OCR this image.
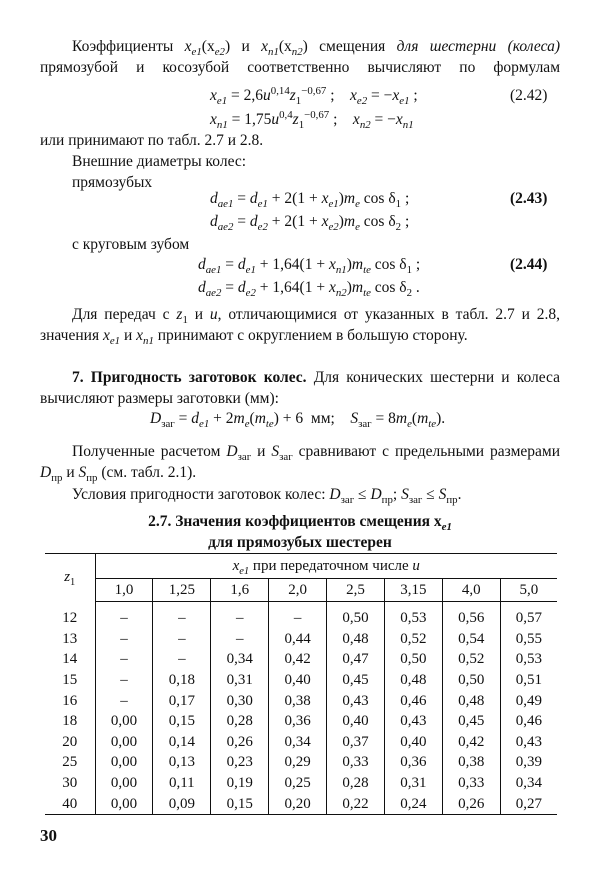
Коэффициенты $x_{e1}(x_{e2})$ и $x_{n1}(x_{n2})$ смещения для шестерни (колеса) прямозубой и косозубой соответственно вычисляют по формулам
$x_{e1} = 2,6u^{0,14}z_1^{-0,67}$ ;    $x_{e2} = -x_{e1}$ ;
$x_{n1} = 1,75u^{0,4}z_1^{-0,67}$ ;    $x_{n2} = -x_{n1}$
(2.42)
или принимают по табл. 2.7 и 2.8.
Внешние диаметры колес:
прямозубых
$d_{ae1} = d_{e1} + 2(1 + x_{e1})m_e$ $\cos \delta_1$ ;
$d_{ae2} = d_{e2} + 2(1 + x_{e2})m_e$ $\cos \delta_2$ ;
(2.43)
с круговым зубом
$d_{ae1} = d_{e1} + 1,64(1 + x_{n1})m_{te}$ $\cos \delta_1$ ;
$d_{ae2} = d_{e2} + 1,64(1 + x_{n2})m_{te}$ $\cos \delta_2$ .
(2.44)
Для передач с $z_1$ и u, отличающимися от указанных в табл. 2.7 и 2.8, значения $x_{e1}$ и $x_{n1}$ принимают с округлением в большую сторону.
7. Пригодность заготовок колес. Для конических шестерни и колеса вычисляют размеры заготовки (мм):
$D_{заг} = d_{e1} + 2m_e(m_{te}) + 6$  мм;    $S_{заг} = 8m_e(m_{te})$.
Полученные расчетом $D_{заг}$ и $S_{заг}$ сравнивают с предельными размерами $D_{пр}$ и $S_{пр}$ (см. табл. 2.1).
Условия пригодности заготовок колес: $D_{заг} \le D_{пр}$; $S_{заг} \le S_{пр}$.
2.7. Значения коэффициентов смещения $x_{e1}$
для прямозубых шестерен
$z_1$	$x_{e1}$ при передаточном числе u							
	1,0	1,25	1,6	2,0	2,5	3,15	4,0	5,0
12	–	–	–	–	0,50	0,53	0,56	0,57
13	–	–	–	0,44	0,48	0,52	0,54	0,55
14	–	–	0,34	0,42	0,47	0,50	0,52	0,53
15	–	0,18	0,31	0,40	0,45	0,48	0,50	0,51
16	–	0,17	0,30	0,38	0,43	0,46	0,48	0,49
18	0,00	0,15	0,28	0,36	0,40	0,43	0,45	0,46
20	0,00	0,14	0,26	0,34	0,37	0,40	0,42	0,43
25	0,00	0,13	0,23	0,29	0,33	0,36	0,38	0,39
30	0,00	0,11	0,19	0,25	0,28	0,31	0,33	0,34
40	0,00	0,09	0,15	0,20	0,22	0,24	0,26	0,27
30
